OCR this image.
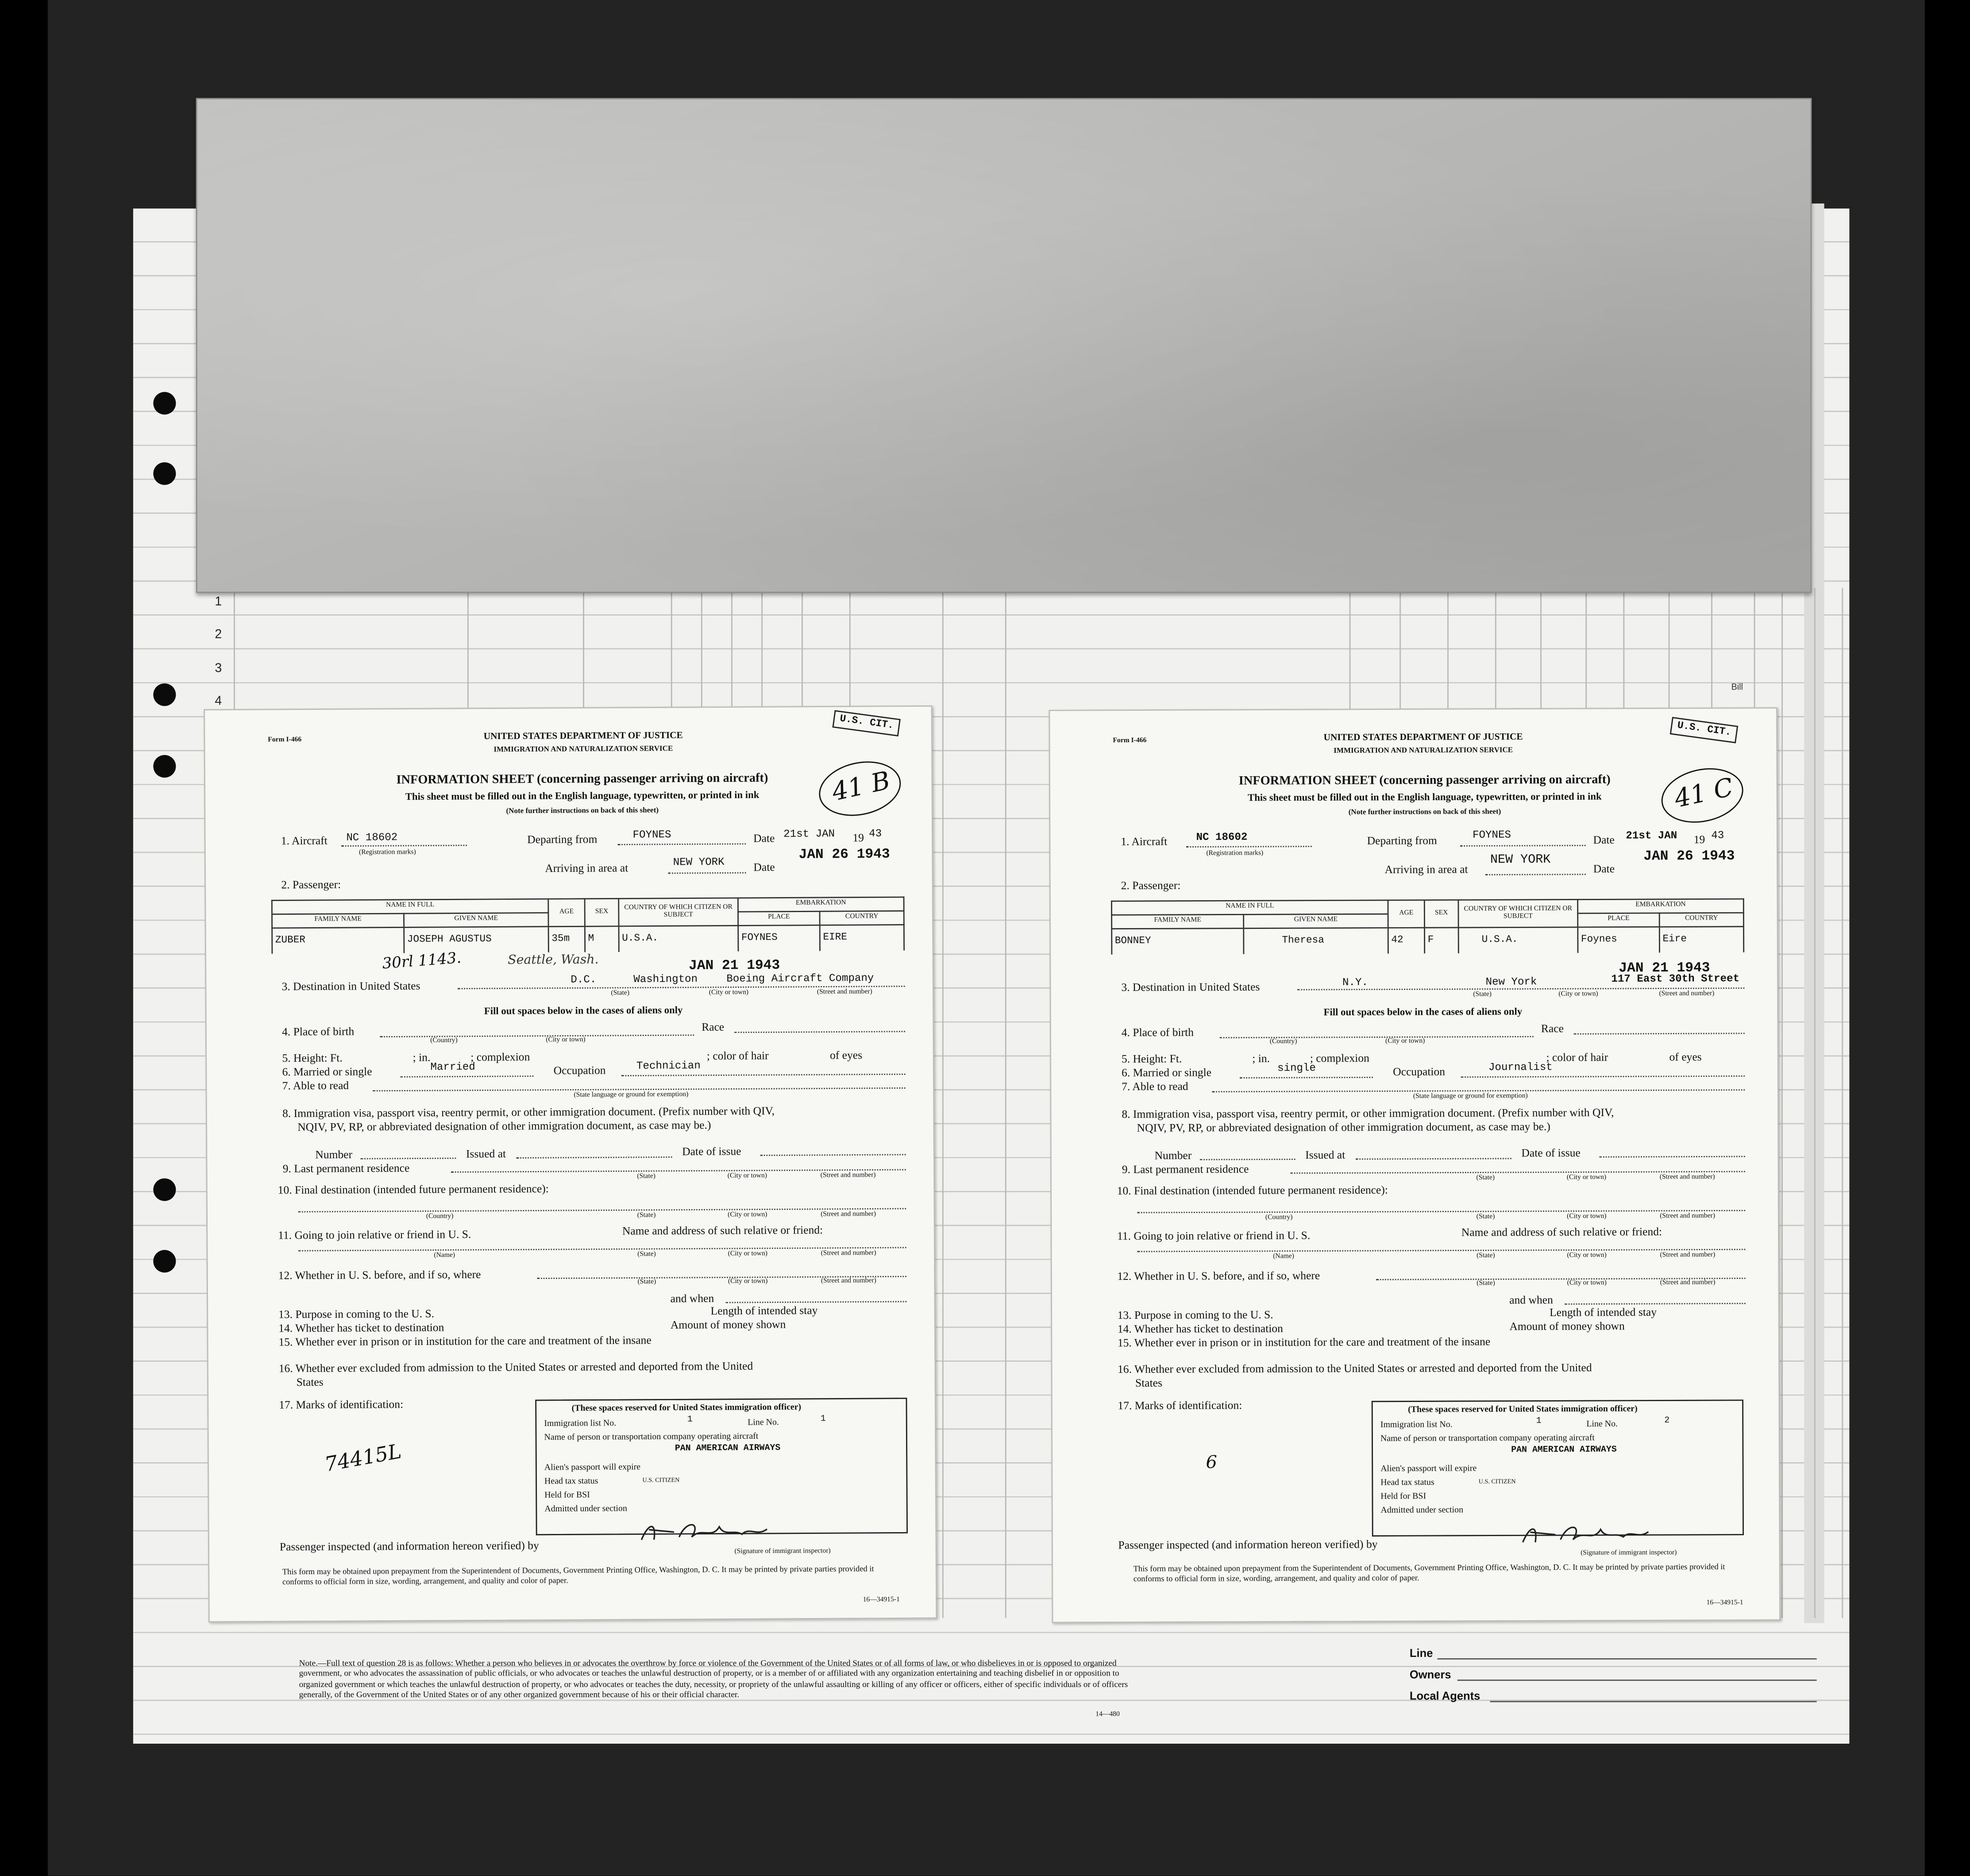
1
2
3
4
Bill
Form I-466	UNITED STATES DEPARTMENT OF JUSTICE
IMMIGRATION AND NATURALIZATION SERVICE
U.S. CIT.
INFORMATION SHEET (concerning passenger arriving on aircraft)
This sheet must be filled out in the English language, typewritten, or printed in ink
(Note further instructions on back of this sheet)
41 B
1. Aircraft	NC 18602
(Registration marks)
Departing from	FOYNES	Date 21st JAN	19 43
Arriving in area at	NEW YORK	Date
JAN 26 1943
2. Passenger:
NAME IN FULL		AGE	SEX	COUNTRY OF WHICH CITIZEN OR SUBJECT	EMBARKATION	
FAMILY NAME	GIVEN NAME				PLACE	COUNTRY
ZUBER	JOSEPH AGUSTUS	35m	M	U.S.A.	FOYNES	EIRE
30rl 1143.	Seattle, Wash.	JAN 21 1943
3. Destination in United States	D.C.	Washington	Boeing Aircraft Company
(State)	(City or town)	(Street and number)
Fill out spaces below in the cases of aliens only
4. Place of birth	Race
(Country)	(City or town)
5. Height: Ft.	; in.	; complexion	; color of hair	of eyes
6. Married or single	Married	Occupation	Technician
7. Able to read
(State language or ground for exemption)
8. Immigration visa, passport visa, reentry permit, or other immigration document. (Prefix number with QIV,
NQIV, PV, RP, or abbreviated designation of other immigration document, as case may be.)
Number	Issued at	Date of issue
9. Last permanent residence
(State)	(City or town)	(Street and number)
10. Final destination (intended future permanent residence):
(Country)	(State)	(City or town)	(Street and number)
11. Going to join relative or friend in U. S.	Name and address of such relative or friend:
(Name)	(State)	(City or town)	(Street and number)
12. Whether in U. S. before, and if so, where
(State)	(City or town)	(Street and number)
and when
13. Purpose in coming to the U. S.	Length of intended stay
14. Whether has ticket to destination	Amount of money shown
15. Whether ever in prison or in institution for the care and treatment of the insane
16. Whether ever excluded from admission to the United States or arrested and deported from the United
States
17. Marks of identification:
74415L
(These spaces reserved for United States immigration officer)
Immigration list No.	1	Line No.	1
Name of person or transportation company operating aircraft
PAN AMERICAN AIRWAYS
Alien's passport will expire
Head tax status	U.S. CITIZEN
Held for BSI
Admitted under section
Passenger inspected (and information hereon verified) by	(Signature of immigrant inspector)
This form may be obtained upon prepayment from the Superintendent of Documents, Government Printing Office, Washington, D. C. It may be printed by private parties provided it conforms to official form in size, wording, arrangement, and quality and color of paper.
16—34915-1
Form I-466	UNITED STATES DEPARTMENT OF JUSTICE
IMMIGRATION AND NATURALIZATION SERVICE
U.S. CIT.
INFORMATION SHEET (concerning passenger arriving on aircraft)
This sheet must be filled out in the English language, typewritten, or printed in ink
(Note further instructions on back of this sheet)	41 C
1. Aircraft	NC 18602
(Registration marks)
Departing from	FOYNES	Date	21st JAN	19 43
Arriving in area at
NEW YORK
Date
JAN 26 1943
2. Passenger:
NAME IN FULL		AGE	SEX	COUNTRY OF WHICH CITIZEN OR SUBJECT	EMBARKATION	
FAMILY NAME	GIVEN NAME				PLACE	COUNTRY
BONNEY	Theresa	42	F	U.S.A.	Foynes	Eire
JAN 21 1943
3. Destination in United States	N.Y.	New York	117 East 30th Street
(State)	(City or town)	(Street and number)
Fill out spaces below in the cases of aliens only
4. Place of birth	Race
(Country)	(City or town)
5. Height: Ft.	; in.	; complexion	; color of hair	of eyes
6. Married or single	single	Occupation	Journalist
7. Able to read
(State language or ground for exemption)
8. Immigration visa, passport visa, reentry permit, or other immigration document. (Prefix number with QIV,
NQIV, PV, RP, or abbreviated designation of other immigration document, as case may be.)
Number	Issued at	Date of issue
9. Last permanent residence
(State)	(City or town)	(Street and number)
10. Final destination (intended future permanent residence):
(Country)	(State)	(City or town)	(Street and number)
11. Going to join relative or friend in U. S.	Name and address of such relative or friend:
(Name)	(State)	(City or town)	(Street and number)
12. Whether in U. S. before, and if so, where
(State)	(City or town)	(Street and number)
and when
13. Purpose in coming to the U. S.	Length of intended stay
14. Whether has ticket to destination	Amount of money shown
15. Whether ever in prison or in institution for the care and treatment of the insane
16. Whether ever excluded from admission to the United States or arrested and deported from the United
States
17. Marks of identification:
6
(These spaces reserved for United States immigration officer)
Immigration list No.	1	Line No.	2
Name of person or transportation company operating aircraft
PAN AMERICAN AIRWAYS
Alien's passport will expire
Head tax status	U.S. CITIZEN
Held for BSI
Admitted under section
Passenger inspected (and information hereon verified) by
(Signature of immigrant inspector)
This form may be obtained upon prepayment from the Superintendent of Documents, Government Printing Office, Washington, D. C. It may be printed by private parties provided it conforms to official form in size, wording, arrangement, and quality and color of paper.
16—34915-1
Note.—Full text of question 28 is as follows: Whether a person who believes in or advocates the overthrow by force or violence of the Government of the United States or of all forms of law, or who disbelieves in or is opposed to organized government, or who advocates the assassination of public officials, or who advocates or teaches the unlawful destruction of property, or is a member of or affiliated with any organization entertaining and teaching disbelief in or opposition to organized government or which teaches the unlawful destruction of property, or who advocates or teaches the duty, necessity, or propriety of the unlawful assaulting or killing of any officer or officers, either of specific individuals or of officers generally, of the Government of the United States or of any other organized government because of his or their official character.
14—480
Line
Owners
Local Agents
